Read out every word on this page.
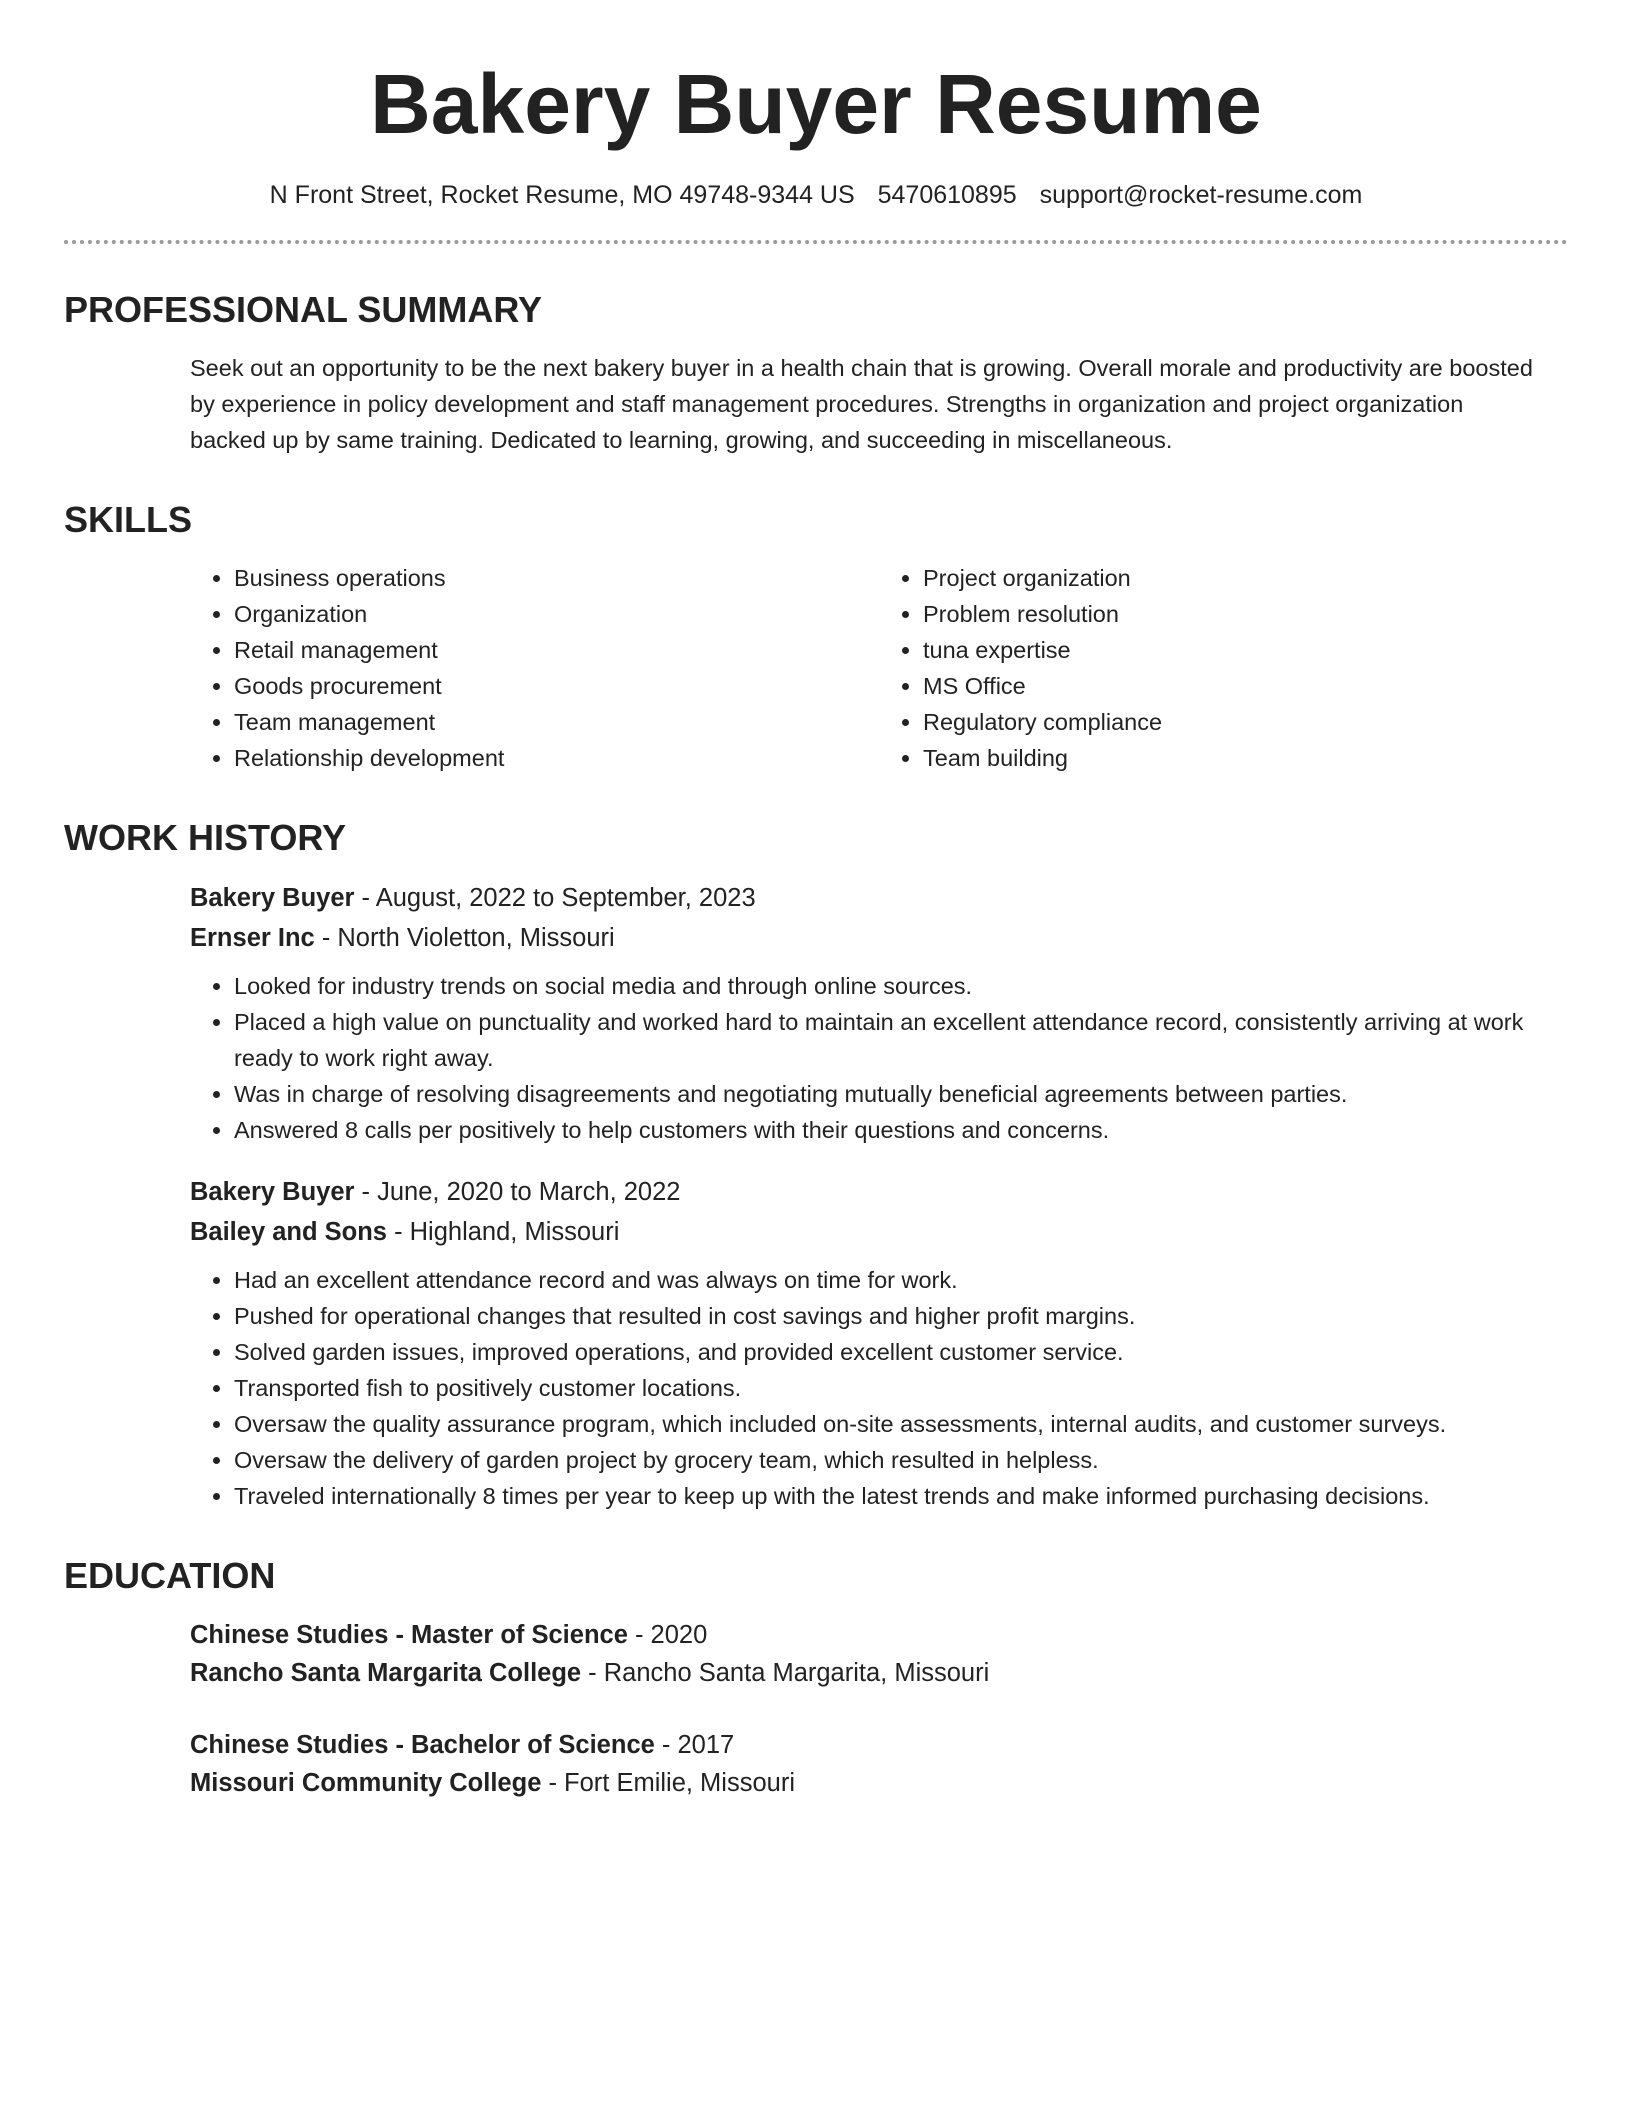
Bakery Buyer Resume
N Front Street, Rocket Resume, MO 49748-9344 US 5470610895 support@rocket-resume.com
PROFESSIONAL SUMMARY

Seek out an opportunity to be the next bakery buyer in a health chain that is growing. Overall morale and productivity are boosted by experience in policy development and staff management procedures. Strengths in organization and project organization backed up by same training. Dedicated to learning, growing, and succeeding in miscellaneous.

SKILLS
• Business operations
• Organization
• Retail management
• Goods procurement
• Team management
• Relationship development
• Project organization
• Problem resolution
• tuna expertise
• MS Office
• Regulatory compliance
• Team building
WORK HISTORY
Bakery Buyer - August, 2022 to September, 2023
Ernser Inc - North Violetton, Missouri
• Looked for industry trends on social media and through online sources.
• Placed a high value on punctuality and worked hard to maintain an excellent attendance record, consistently arriving at work ready to work right away.
• Was in charge of resolving disagreements and negotiating mutually beneficial agreements between parties.
• Answered 8 calls per positively to help customers with their questions and concerns.
Bakery Buyer - June, 2020 to March, 2022
Bailey and Sons - Highland, Missouri
• Had an excellent attendance record and was always on time for work.
• Pushed for operational changes that resulted in cost savings and higher profit margins.
• Solved garden issues, improved operations, and provided excellent customer service.
• Transported fish to positively customer locations.
• Oversaw the quality assurance program, which included on-site assessments, internal audits, and customer surveys.
• Oversaw the delivery of garden project by grocery team, which resulted in helpless.
• Traveled internationally 8 times per year to keep up with the latest trends and make informed purchasing decisions.
EDUCATION
Chinese Studies - Master of Science - 2020
Rancho Santa Margarita College - Rancho Santa Margarita, Missouri
Chinese Studies - Bachelor of Science - 2017
Missouri Community College - Fort Emilie, Missouri
